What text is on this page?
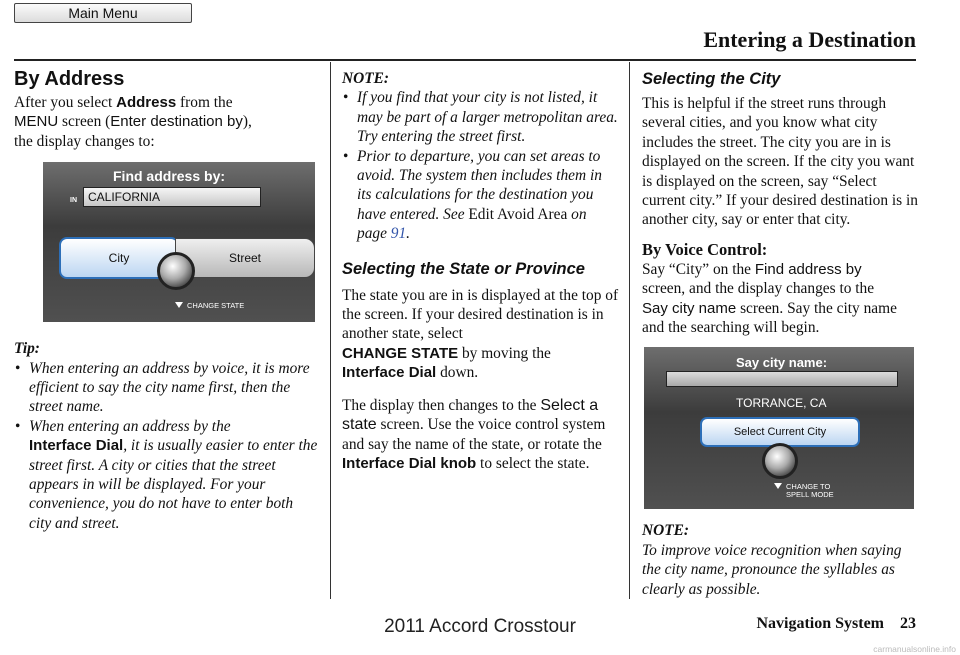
Main Menu
Entering a Destination
By Address

After you select Address from the
MENU screen (Enter destination by),
the display changes to:

Find address by:
IN CALIFORNIA
City	Street
CHANGE STATE

Tip:

• When entering an address by voice, it is more efficient to say the city name first, then the street name.
• When entering an address by the
Interface Dial, it is usually easier to enter the street first. A city or cities that the street appears in will be displayed. For your convenience, you do not have to enter both city and street.

NOTE:

• If you find that your city is not listed, it may be part of a larger metropolitan area. Try entering the street first.
• Prior to departure, you can set areas to avoid. The system then includes them in its calculations for the destination you have entered. See Edit Avoid Area on page 91.
Selecting the State or Province

The state you are in is displayed at the top of the screen. If your desired destination is in another state, select
CHANGE STATE by moving the
Interface Dial down.

The display then changes to the Select a state screen. Use the voice control system and say the name of the state, or rotate the Interface Dial knob to select the state.

Selecting the City

This is helpful if the street runs through several cities, and you know what city includes the street. The city you are in is displayed on the screen. If the city you want is displayed on the screen, say “Select current city.” If your desired destination is in another city, say or enter that city.

By Voice Control:

Say “City” on the Find address by
screen, and the display changes to the
Say city name screen. Say the city name and the searching will begin.

Say city name:
TORRANCE, CA
Select Current City
CHANGE TO
SPELL MODE

NOTE:

To improve voice recognition when saying the city name, pronounce the syllables as clearly as possible.

Navigation System 23
2011 Accord Crosstour
carmanualsonline.info
